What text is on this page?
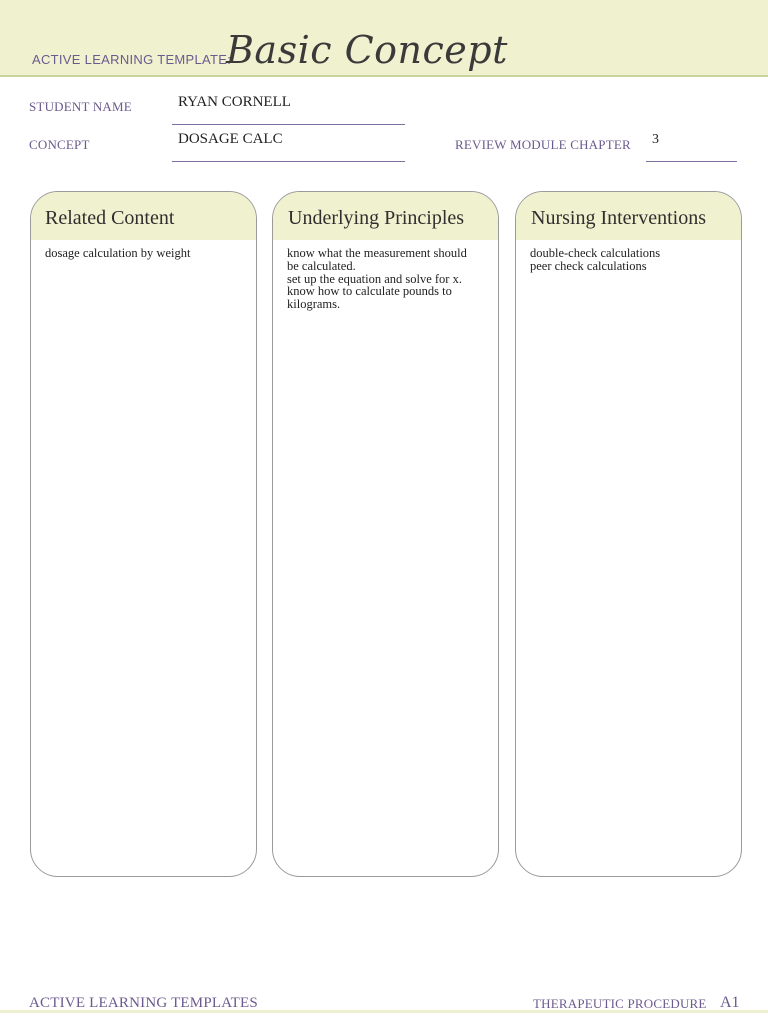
ACTIVE LEARNING TEMPLATE:
Basic Concept
STUDENT NAME	RYAN CORNELL
CONCEPT	DOSAGE CALC	REVIEW MODULE CHAPTER 3
Related Content
dosage calculation by weight
Underlying Principles
know what the measurement should
be calculated.
set up the equation and solve for x.
know how to calculate pounds to
kilograms.
Nursing Interventions
double-check calculations
peer check calculations
ACTIVE LEARNING TEMPLATES	THERAPEUTIC PROCEDURE A1
